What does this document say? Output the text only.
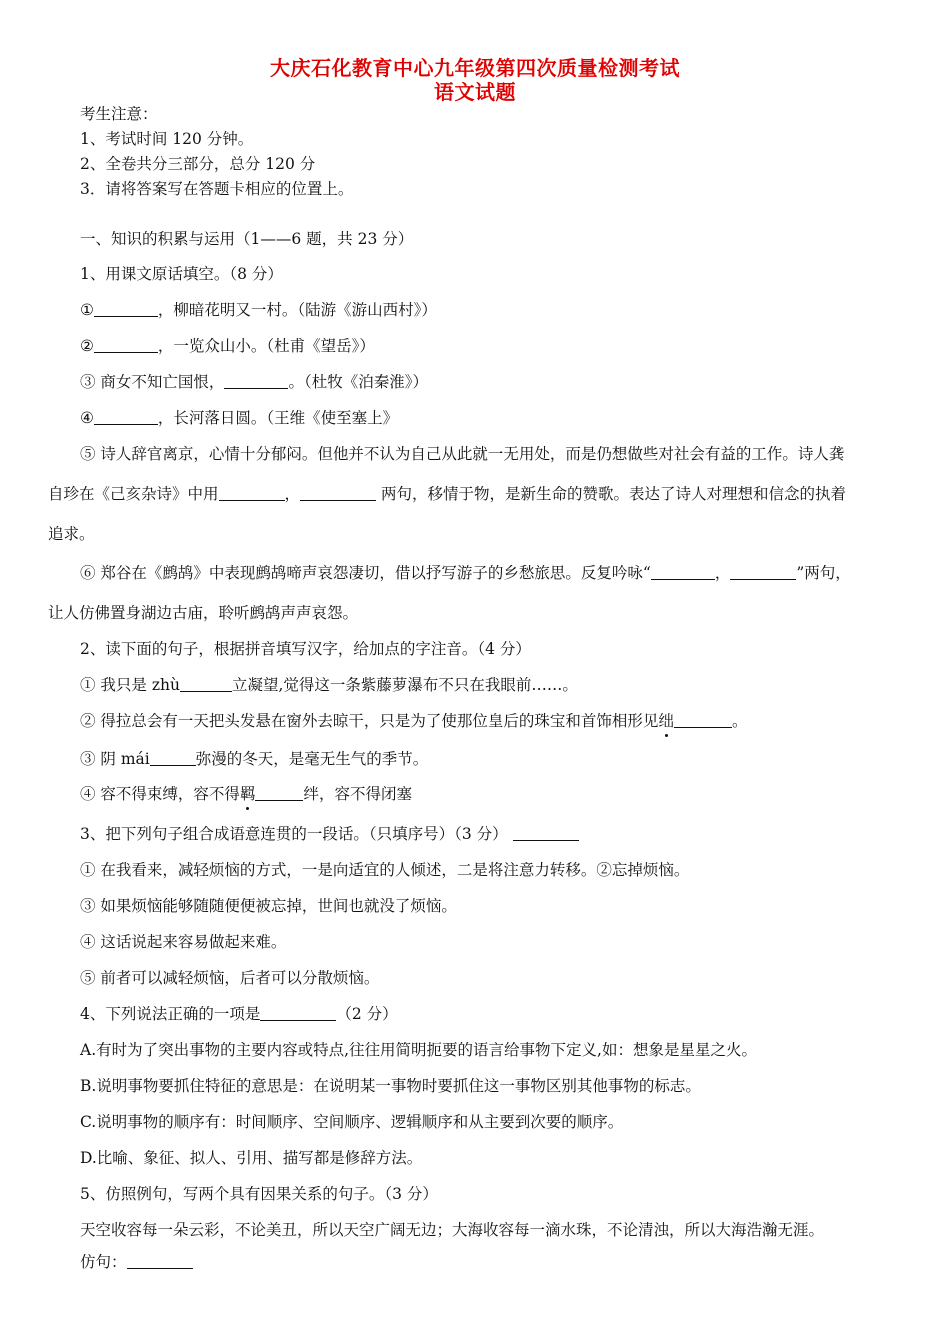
大庆石化教育中心九年级第四次质量检测考试
语文试题
考生注意：
1、考试时间 120 分钟。
2、全卷共分三部分，总分 120 分
3．请将答案写在答题卡相应的位置上。
一、知识的积累与运用（1——6 题，共 23 分）
1、用课文原话填空。（8 分）
①	，柳暗花明又一村。（陆游《游山西村》）
②	，一览众山小。（杜甫《望岳》）
③ 商女不知亡国恨，	。（杜牧《泊秦淮》）
④	，长河落日圆。（王维《使至塞上》
⑤ 诗人辞官离京，心情十分郁闷。但他并不认为自己从此就一无用处，而是仍想做些对社会有益的工作。诗人龚
自珍在《己亥杂诗》中用	，	两句，移情于物，是新生命的赞歌。表达了诗人对理想和信念的执着
追求。
⑥ 郑谷在《鹧鸪》中表现鹧鸪啼声哀怨凄切，借以抒写游子的乡愁旅思。反复吟咏“	，	”两句，
让人仿佛置身湖边古庙，聆听鹧鸪声声哀怨。
2、读下面的句子，根据拼音填写汉字，给加点的字注音。（4 分）
① 我只是 zhù	立凝望,觉得这一条紫藤萝瀑布不只在我眼前……。
② 得拉总会有一天把头发悬在窗外去晾干，只是为了使那位皇后的珠宝和首饰相形见绌	。
③ 阴 mái	弥漫的冬天，是毫无生气的季节。
④ 容不得束缚，容不得羁	绊，容不得闭塞
3、把下列句子组合成语意连贯的一段话。（只填序号）（3 分）
① 在我看来，减轻烦恼的方式，一是向适宜的人倾述，二是将注意力转移。②忘掉烦恼。
③ 如果烦恼能够随随便便被忘掉，世间也就没了烦恼。
④ 这话说起来容易做起来难。
⑤ 前者可以减轻烦恼，后者可以分散烦恼。
4、下列说法正确的一项是	（2 分）
A.有时为了突出事物的主要内容或特点,往往用简明扼要的语言给事物下定义,如：想象是星星之火。
B.说明事物要抓住特征的意思是：在说明某一事物时要抓住这一事物区别其他事物的标志。
C.说明事物的顺序有：时间顺序、空间顺序、逻辑顺序和从主要到次要的顺序。
D.比喻、象征、拟人、引用、描写都是修辞方法。
5、仿照例句，写两个具有因果关系的句子。（3 分）
天空收容每一朵云彩，不论美丑，所以天空广阔无边；大海收容每一滴水珠，不论清浊，所以大海浩瀚无涯。
仿句：
